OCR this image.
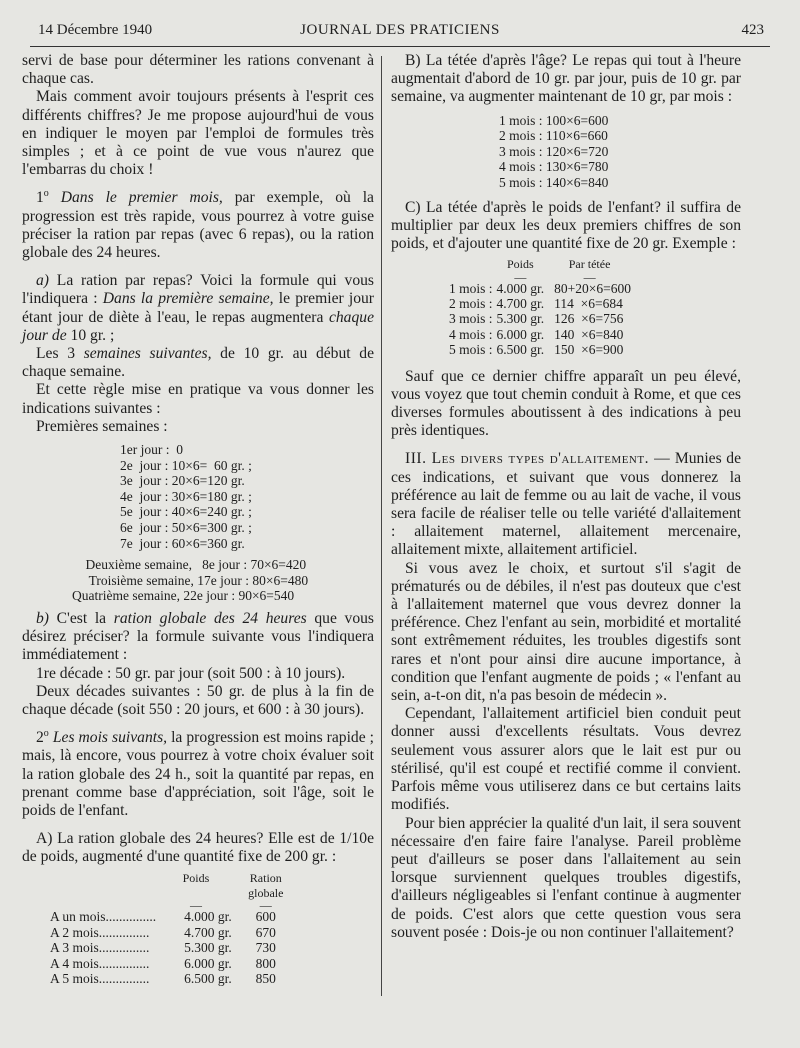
14 Décembre 1940	JOURNAL DES PRATICIENS	423

servi de base pour déterminer les rations convenant à chaque cas.

Mais comment avoir toujours présents à l'esprit ces différents chiffres? Je me propose aujourd'hui de vous en indiquer le moyen par l'emploi de formules très simples ; et à ce point de vue vous n'aurez que l'embarras du choix !

1$^o$ Dans le premier mois, par exemple, où la progression est très rapide, vous pourrez à votre guise préciser la ration par repas (avec 6 repas), ou la ration globale des 24 heures.

a) La ration par repas? Voici la formule qui vous l'indiquera : Dans la première semaine, le premier jour étant jour de diète à l'eau, le repas augmentera chaque jour de 10 gr. ;

Les 3 semaines suivantes, de 10 gr. au début de chaque semaine.

Et cette règle mise en pratique va vous donner les indications suivantes :

Premières semaines :

1er jour :  0
2e  jour : 10×6=  60 gr. ;
3e  jour : 20×6=120 gr.
4e  jour : 30×6=180 gr. ;
5e  jour : 40×6=240 gr. ;
6e  jour : 50×6=300 gr. ;
7e  jour : 60×6=360 gr.
Deuxième semaine,   8e jour : 70×6=420
Troisième semaine, 17e jour : 80×6=480
Quatrième semaine, 22e jour : 90×6=540

b) C'est la ration globale des 24 heures que vous désirez préciser? la formule suivante vous l'indiquera immédiatement :

1re décade : 50 gr. par jour (soit 500 : à 10 jours).

Deux décades suivantes : 50 gr. de plus à la fin de chaque décade (soit 550 : 20 jours, et 600 : à 30 jours).

2$^o$ Les mois suivants, la progression est moins rapide ; mais, là encore, vous pourrez à votre choix évaluer soit la ration globale des 24 h., soit la quantité par repas, en prenant comme base d'appréciation, soit l'âge, soit le poids de l'enfant.

A) La ration globale des 24 heures? Elle est de 1/10e de poids, augmenté d'une quantité fixe de 200 gr. :

	Poids	Ration globale
	—	—
A un mois...............	4.000 gr.	600
A 2 mois...............	4.700 gr.	670
A 3 mois...............	5.300 gr.	730
A 4 mois...............	6.000 gr.	800
A 5 mois...............	6.500 gr.	850

B) La tétée d'après l'âge? Le repas qui tout à l'heure augmentait d'abord de 10 gr. par jour, puis de 10 gr. par semaine, va augmenter maintenant de 10 gr, par mois :

1 mois : 100×6=600
2 mois : 110×6=660
3 mois : 120×6=720
4 mois : 130×6=780
5 mois : 140×6=840

C) La tétée d'après le poids de l'enfant? il suffira de multiplier par deux les deux premiers chiffres de son poids, et d'ajouter une quantité fixe de 20 gr. Exemple :

	Poids	Par tétée
	—	—
1 mois :	4.000 gr.	80+20×6=600
2 mois :	4.700 gr.	114  ×6=684
3 mois :	5.300 gr.	126  ×6=756
4 mois :	6.000 gr.	140  ×6=840
5 mois :	6.500 gr.	150  ×6=900

Sauf que ce dernier chiffre apparaît un peu élevé, vous voyez que tout chemin conduit à Rome, et que ces diverses formules aboutissent à des indications à peu près identiques.

III. Les divers types d'allaitement. — Munies de ces indications, et suivant que vous donnerez la préférence au lait de femme ou au lait de vache, il vous sera facile de réaliser telle ou telle variété d'allaitement : allaitement maternel, allaitement mercenaire, allaitement mixte, allaitement artificiel.

Si vous avez le choix, et surtout s'il s'agit de prématurés ou de débiles, il n'est pas douteux que c'est à l'allaitement maternel que vous devrez donner la préférence. Chez l'enfant au sein, morbidité et mortalité sont extrêmement réduites, les troubles digestifs sont rares et n'ont pour ainsi dire aucune importance, à condition que l'enfant augmente de poids ; « l'enfant au sein, a-t-on dit, n'a pas besoin de médecin ».

Cependant, l'allaitement artificiel bien conduit peut donner aussi d'excellents résultats. Vous devrez seulement vous assurer alors que le lait est pur ou stérilisé, qu'il est coupé et rectifié comme il convient. Parfois même vous utiliserez dans ce but certains laits modifiés.

Pour bien apprécier la qualité d'un lait, il sera souvent nécessaire d'en faire faire l'analyse. Pareil problème peut d'ailleurs se poser dans l'allaitement au sein lorsque surviennent quelques troubles digestifs, d'ailleurs négligeables si l'enfant continue à augmenter de poids. C'est alors que cette question vous sera souvent posée : Dois-je ou non continuer l'allaitement?
